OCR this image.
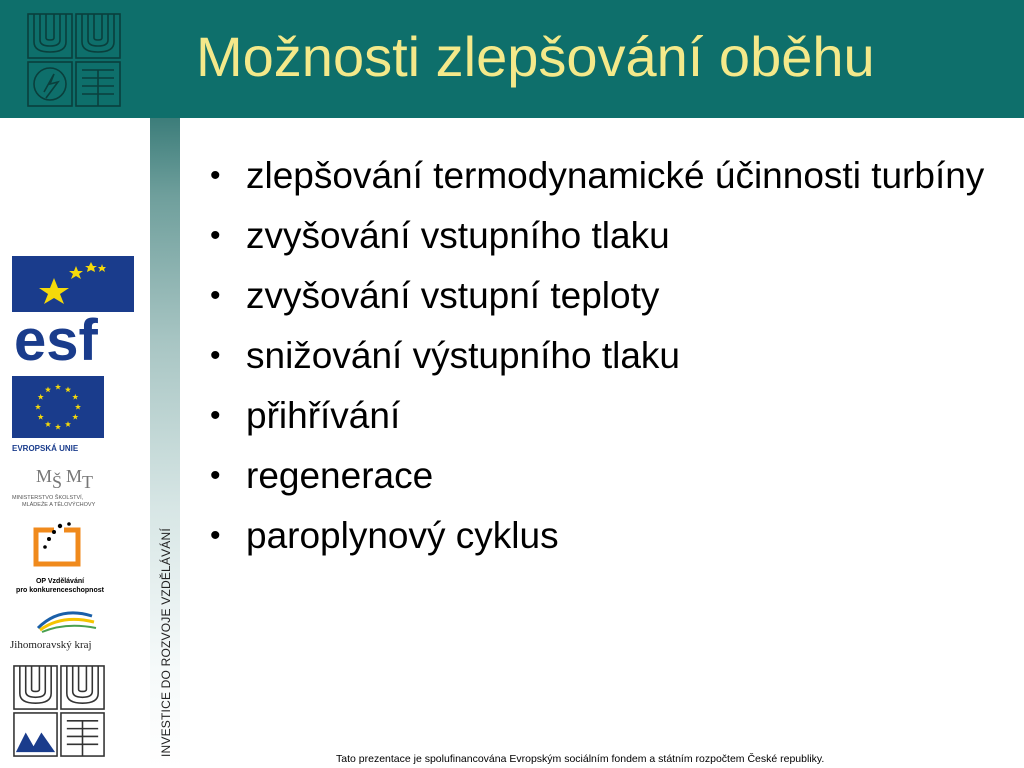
Možnosti zlepšování oběhu
INVESTICE DO ROZVOJE VZDĚLÁVÁNÍ
esf
EVROPSKÁ UNIE
M Š M T
MINISTERSTVO ŠKOLSTVÍ,
MLÁDEŽE A TĚLOVÝCHOVY
OP Vzdělávání
pro konkurenceschopnost
Jihomoravský kraj
• zlepšování termodynamické účinnosti turbíny
• zvyšování vstupního tlaku
• zvyšování vstupní teploty
• snižování výstupního tlaku
• přihřívání
• regenerace
• paroplynový cyklus
Tato prezentace je spolufinancována Evropským sociálním fondem a státním rozpočtem České republiky.
